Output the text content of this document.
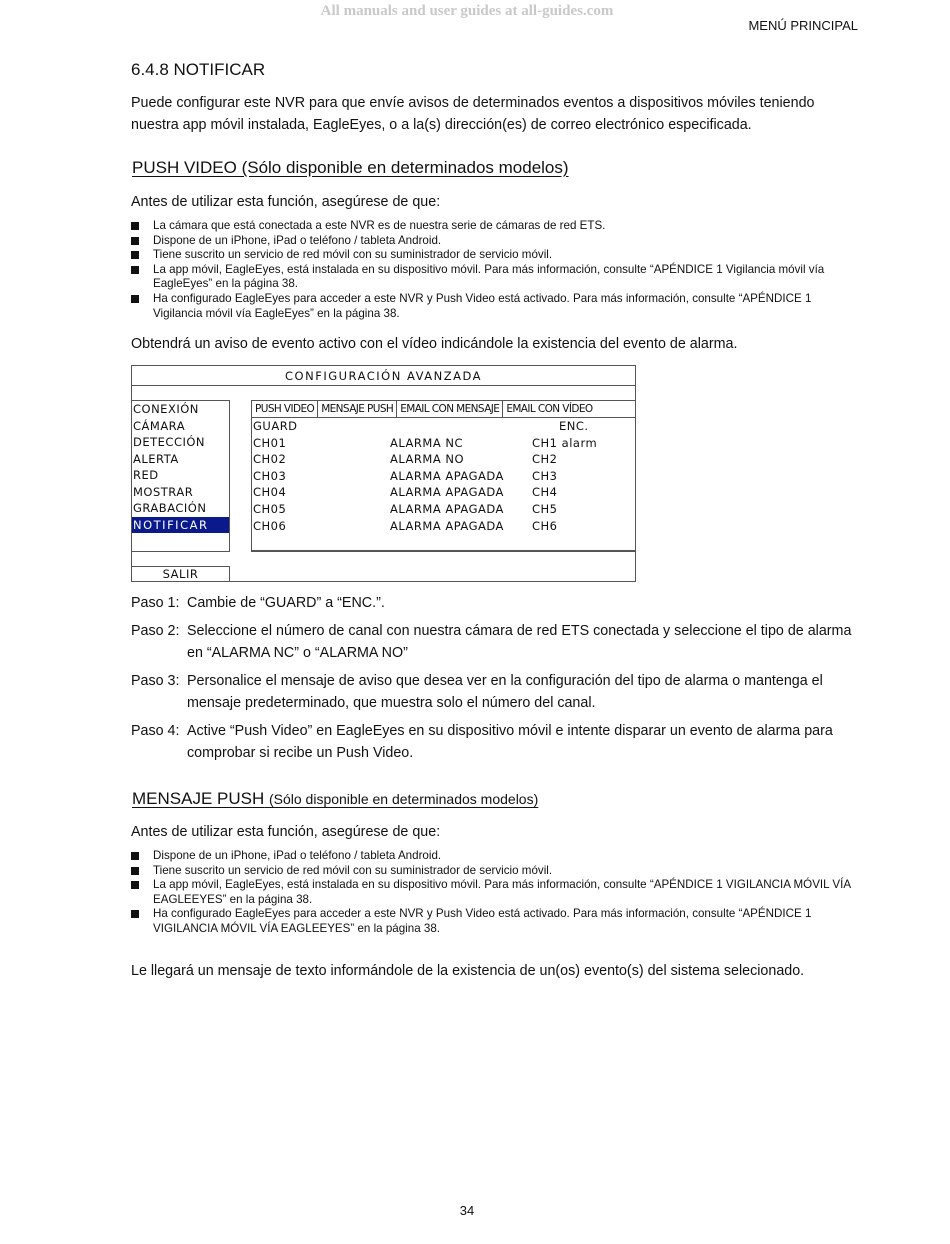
All manuals and user guides at all-guides.com
MENÚ PRINCIPAL
6.4.8 NOTIFICAR
Puede configurar este NVR para que envíe avisos de determinados eventos a dispositivos móviles teniendo nuestra app móvil instalada, EagleEyes, o a la(s) dirección(es) de correo electrónico especificada.
PUSH VIDEO (Sólo disponible en determinados modelos)
Antes de utilizar esta función, asegúrese de que:
La cámara que está conectada a este NVR es de nuestra serie de cámaras de red ETS.
Dispone de un iPhone, iPad o teléfono / tableta Android.
Tiene suscrito un servicio de red móvil con su suministrador de servicio móvil.
La app móvil, EagleEyes, está instalada en su dispositivo móvil. Para más información, consulte “APÉNDICE 1 Vigilancia móvil vía EagleEyes” en la página 38.
Ha configurado EagleEyes para acceder a este NVR y Push Video está activado. Para más información, consulte “APÉNDICE 1 Vigilancia móvil vía EagleEyes” en la página 38.
Obtendrá un aviso de evento activo con el vídeo indicándole la existencia del evento de alarma.
CONFIGURACIÓN AVANZADA
CONEXIÓN
CÁMARA
DETECCIÓN
ALERTA
RED
MOSTRAR
GRABACIÓN
NOTIFICAR
PUSH VIDEO MENSAJE PUSH EMAIL CON MENSAJE EMAIL CON VÍDEO
GUARD	ENC.
CH01	ALARMA NC	CH1 alarm
CH02	ALARMA NO	CH2
CH03	ALARMA APAGADA CH3
CH04	ALARMA APAGADA CH4
CH05	ALARMA APAGADA CH5
CH06	ALARMA APAGADA CH6
SALIR
Paso 1: Cambie de “GUARD” a “ENC.”.
Paso 2: Seleccione el número de canal con nuestra cámara de red ETS conectada y seleccione el tipo de alarma en “ALARMA NC” o “ALARMA NO”
Paso 3: Personalice el mensaje de aviso que desea ver en la configuración del tipo de alarma o mantenga el mensaje predeterminado, que muestra solo el número del canal.
Paso 4: Active “Push Video” en EagleEyes en su dispositivo móvil e intente disparar un evento de alarma para comprobar si recibe un Push Video.
MENSAJE PUSH (Sólo disponible en determinados modelos)
Antes de utilizar esta función, asegúrese de que:
Dispone de un iPhone, iPad o teléfono / tableta Android.
Tiene suscrito un servicio de red móvil con su suministrador de servicio móvil.
La app móvil, EagleEyes, está instalada en su dispositivo móvil. Para más información, consulte “APÉNDICE 1 VIGILANCIA MÓVIL VÍA EAGLEEYES” en la página 38.
Ha configurado EagleEyes para acceder a este NVR y Push Video está activado. Para más información, consulte “APÉNDICE 1 VIGILANCIA MÓVIL VÍA EAGLEEYES” en la página 38.
Le llegará un mensaje de texto informándole de la existencia de un(os) evento(s) del sistema selecionado.
34
